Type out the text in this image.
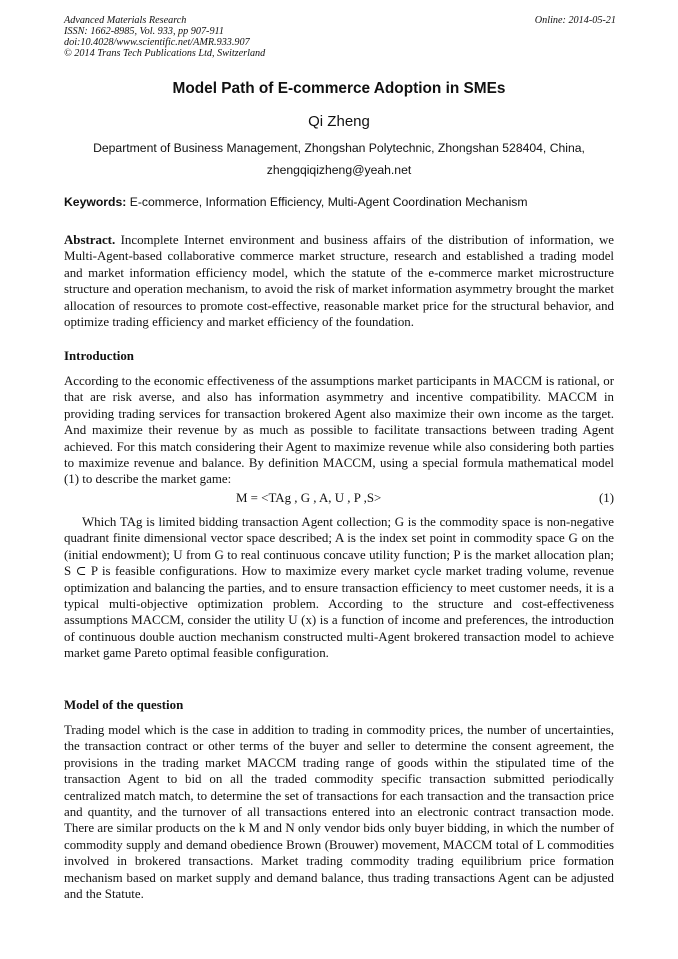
Advanced Materials Research
ISSN: 1662-8985, Vol. 933, pp 907-911
doi:10.4028/www.scientific.net/AMR.933.907
© 2014 Trans Tech Publications Ltd, Switzerland
Online: 2014-05-21
Model Path of E-commerce Adoption in SMEs
Qi Zheng
Department of Business Management, Zhongshan Polytechnic, Zhongshan 528404, China,
zhengqiqizheng@yeah.net
Keywords: E-commerce, Information Efficiency, Multi-Agent Coordination Mechanism
Abstract. Incomplete Internet environment and business affairs of the distribution of information, we Multi-Agent-based collaborative commerce market structure, research and established a trading model and market information efficiency model, which the statute of the e-commerce market microstructure structure and operation mechanism, to avoid the risk of market information asymmetry brought the market allocation of resources to promote cost-effective, reasonable market price for the structural behavior, and optimize trading efficiency and market efficiency of the foundation.
Introduction
According to the economic effectiveness of the assumptions market participants in MACCM is rational, or that are risk averse, and also has information asymmetry and incentive compatibility. MACCM in providing trading services for transaction brokered Agent also maximize their own income as the target. And maximize their revenue by as much as possible to facilitate transactions between trading Agent achieved. For this match considering their Agent to maximize revenue while also considering both parties to maximize revenue and balance. By definition MACCM, using a special formula mathematical model (1) to describe the market game:
M = <TAg , G , A, U , P ,S>	(1)
Which TAg is limited bidding transaction Agent collection; G is the commodity space is non-negative quadrant finite dimensional vector space described; A is the index set point in commodity space G on the (initial endowment); U from G to real continuous concave utility function; P is the market allocation plan; S ⊂ P is feasible configurations. How to maximize every market cycle market trading volume, revenue optimization and balancing the parties, and to ensure transaction efficiency to meet customer needs, it is a typical multi-objective optimization problem. According to the structure and cost-effectiveness assumptions MACCM, consider the utility U (x) is a function of income and preferences, the introduction of continuous double auction mechanism constructed multi-Agent brokered transaction model to achieve market game Pareto optimal feasible configuration.
Model of the question
Trading model which is the case in addition to trading in commodity prices, the number of uncertainties, the transaction contract or other terms of the buyer and seller to determine the consent agreement, the provisions in the trading market MACCM trading range of goods within the stipulated time of the transaction Agent to bid on all the traded commodity specific transaction submitted periodically centralized match match, to determine the set of transactions for each transaction and the transaction price and quantity, and the turnover of all transactions entered into an electronic contract transaction mode. There are similar products on the k M and N only vendor bids only buyer bidding, in which the number of commodity supply and demand obedience Brown (Brouwer) movement, MACCM total of L commodities involved in brokered transactions. Market trading commodity trading equilibrium price formation mechanism based on market supply and demand balance, thus trading transactions Agent can be adjusted and the Statute.
